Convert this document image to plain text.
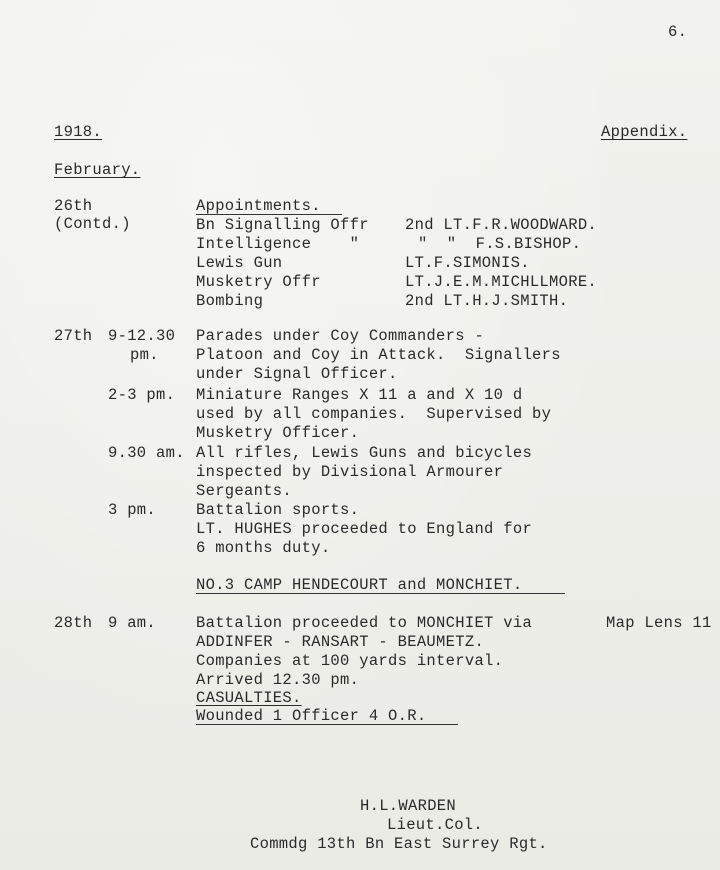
6.
1918.	Appendix.
February.
26th
(Contd.)
Appointments.
Bn Signalling Offr 2nd LT.F.R.WOODWARD.
Intelligence    "	"  "  F.S.BISHOP.
Lewis Gun	LT.F.SIMONIS.
Musketry Offr	LT.J.E.M.MICHLLMORE.
Bombing	2nd LT.H.J.SMITH.
27th 9-12.30
pm.
Parades under Coy Commanders -
Platoon and Coy in Attack.  Signallers
under Signal Officer.
2-3 pm. Miniature Ranges X 11 a and X 10 d
used by all companies.  Supervised by
Musketry Officer.
9.30 am. All rifles, Lewis Guns and bicycles
inspected by Divisional Armourer
Sergeants.
3 pm.	Battalion sports.
LT. HUGHES proceeded to England for
6 months duty.
NO.3 CAMP HENDECOURT and MONCHIET.
28th 9 am.	Battalion proceeded to MONCHIET via	Map Lens 11
ADDINFER - RANSART - BEAUMETZ.
Companies at 100 yards interval.
Arrived 12.30 pm.
CASUALTIES.
Wounded 1 Officer 4 O.R.
H.L.WARDEN
Lieut.Col.
Commdg 13th Bn East Surrey Rgt.
